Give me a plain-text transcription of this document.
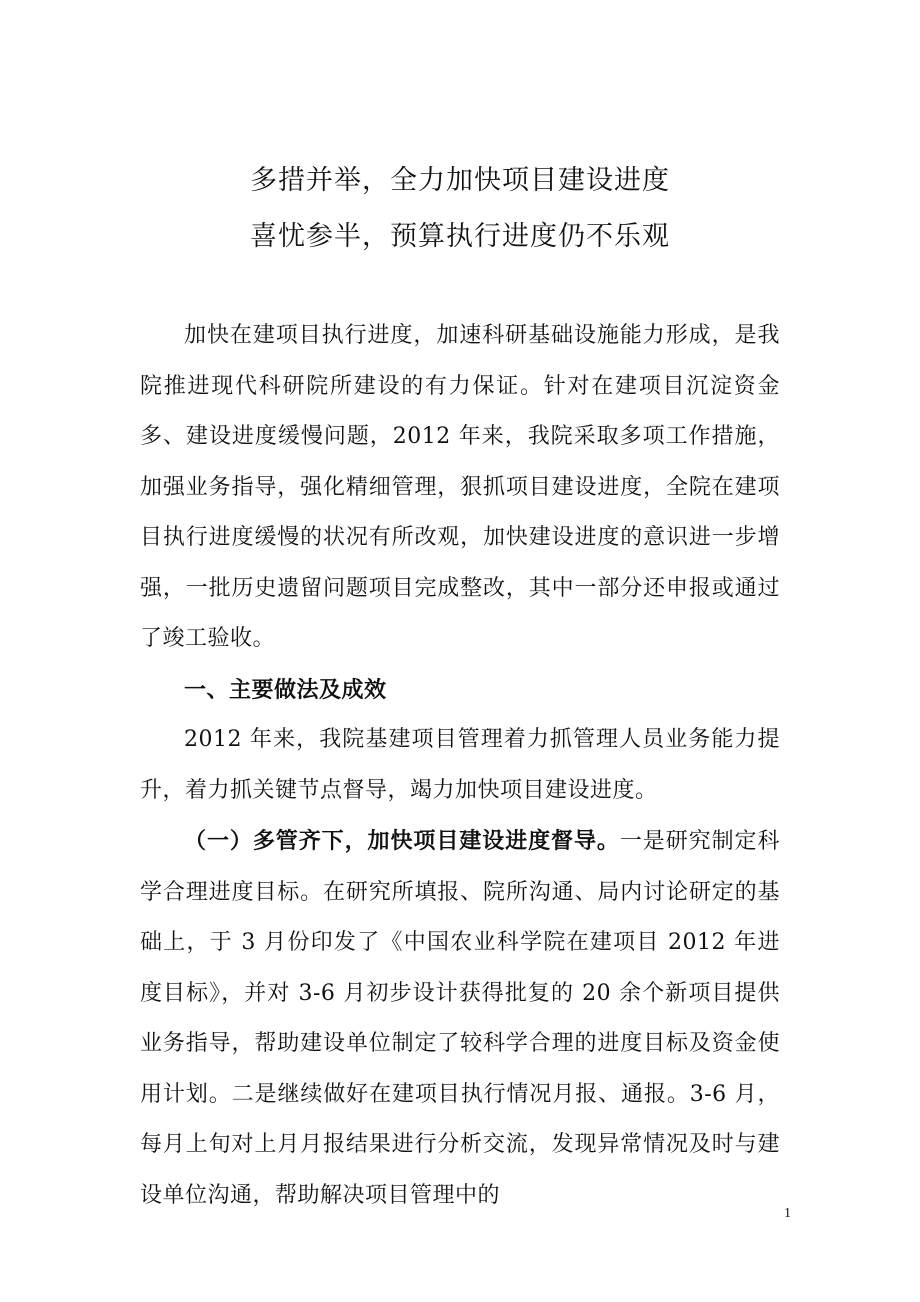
多措并举，全力加快项目建设进度
喜忧参半，预算执行进度仍不乐观

加快在建项目执行进度，加速科研基础设施能力形成，是我院推进现代科研院所建设的有力保证。针对在建项目沉淀资金多、建设进度缓慢问题，2012 年来，我院采取多项工作措施，加强业务指导，强化精细管理，狠抓项目建设进度，全院在建项目执行进度缓慢的状况有所改观，加快建设进度的意识进一步增强，一批历史遗留问题项目完成整改，其中一部分还申报或通过了竣工验收。

一、主要做法及成效

2012 年来，我院基建项目管理着力抓管理人员业务能力提升，着力抓关键节点督导，竭力加快项目建设进度。

（一）多管齐下，加快项目建设进度督导。一是研究制定科学合理进度目标。在研究所填报、院所沟通、局内讨论研定的基础上，于 3 月份印发了《中国农业科学院在建项目 2012 年进度目标》，并对 3-6 月初步设计获得批复的 20 余个新项目提供业务指导，帮助建设单位制定了较科学合理的进度目标及资金使用计划。二是继续做好在建项目执行情况月报、通报。3-6 月，每月上旬对上月月报结果进行分析交流，发现异常情况及时与建设单位沟通，帮助解决项目管理中的

1
